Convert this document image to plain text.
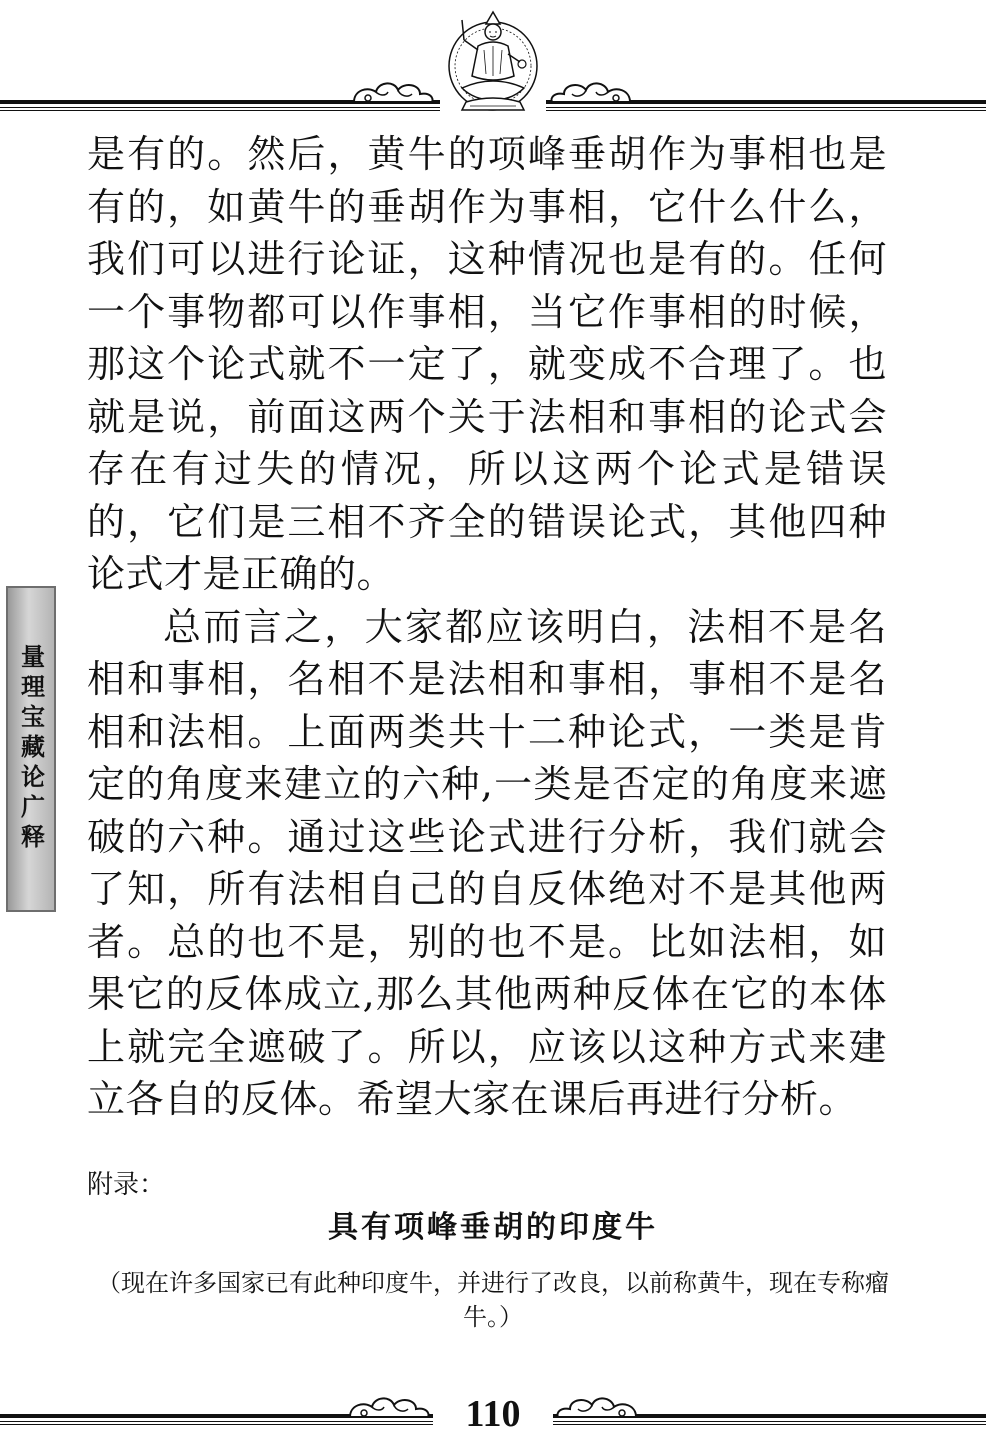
量理宝藏论广释

是有的。然后，黄牛的项峰垂胡作为事相也是有的，如黄牛的垂胡作为事相，它什么什么，我们可以进行论证，这种情况也是有的。任何一个事物都可以作事相，当它作事相的时候，那这个论式就不一定了，就变成不合理了。也就是说，前面这两个关于法相和事相的论式会存在有过失的情况，所以这两个论式是错误的，它们是三相不齐全的错误论式，其他四种论式才是正确的。

总而言之，大家都应该明白，法相不是名相和事相，名相不是法相和事相，事相不是名相和法相。上面两类共十二种论式，一类是肯定的角度来建立的六种,一类是否定的角度来遮破的六种。通过这些论式进行分析，我们就会了知，所有法相自己的自反体绝对不是其他两者。总的也不是，别的也不是。比如法相，如果它的反体成立,那么其他两种反体在它的本体上就完全遮破了。所以，应该以这种方式来建立各自的反体。希望大家在课后再进行分析。

附录：
具有项峰垂胡的印度牛
（现在许多国家已有此种印度牛，并进行了改良，以前称黄牛，现在专称瘤牛。）
110
